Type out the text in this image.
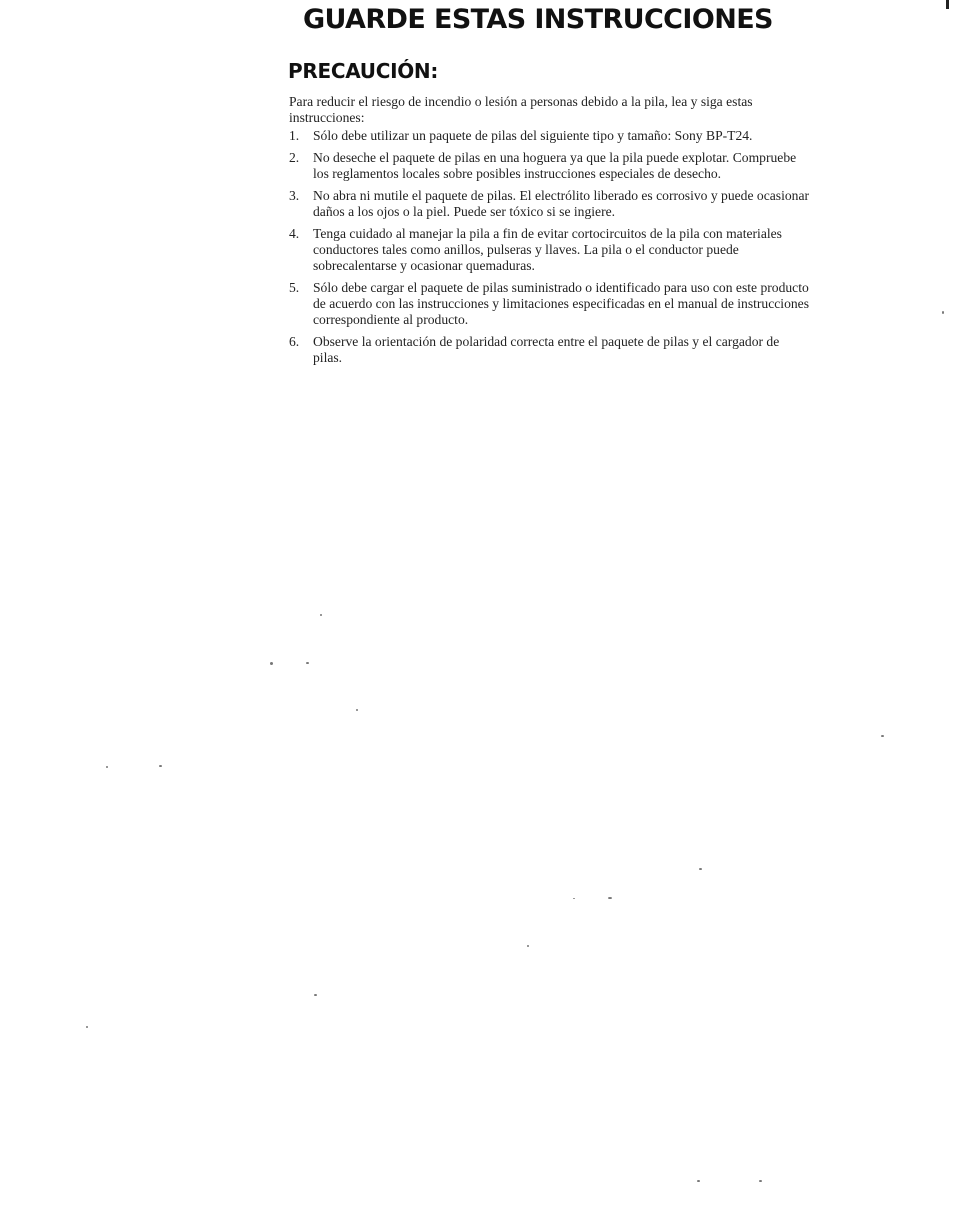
GUARDE ESTAS INSTRUCCIONES
PRECAUCIÓN:

Para reducir el riesgo de incendio o lesión a personas debido a la pila, lea y siga estas instrucciones:

1. Sólo debe utilizar un paquete de pilas del siguiente tipo y tamaño: Sony BP-T24.
2. No deseche el paquete de pilas en una hoguera ya que la pila puede explotar. Compruebe los reglamentos locales sobre posibles instrucciones especiales de desecho.
3. No abra ni mutile el paquete de pilas. El electrólito liberado es corrosivo y puede ocasionar daños a los ojos o la piel. Puede ser tóxico si se ingiere.
4. Tenga cuidado al manejar la pila a fin de evitar cortocircuitos de la pila con materiales conductores tales como anillos, pulseras y llaves. La pila o el conductor puede sobrecalentarse y ocasionar quemaduras.
5. Sólo debe cargar el paquete de pilas suministrado o identificado para uso con este producto de acuerdo con las instrucciones y limitaciones especificadas en el manual de instrucciones correspondiente al producto.
6. Observe la orientación de polaridad correcta entre el paquete de pilas y el cargador de pilas.
